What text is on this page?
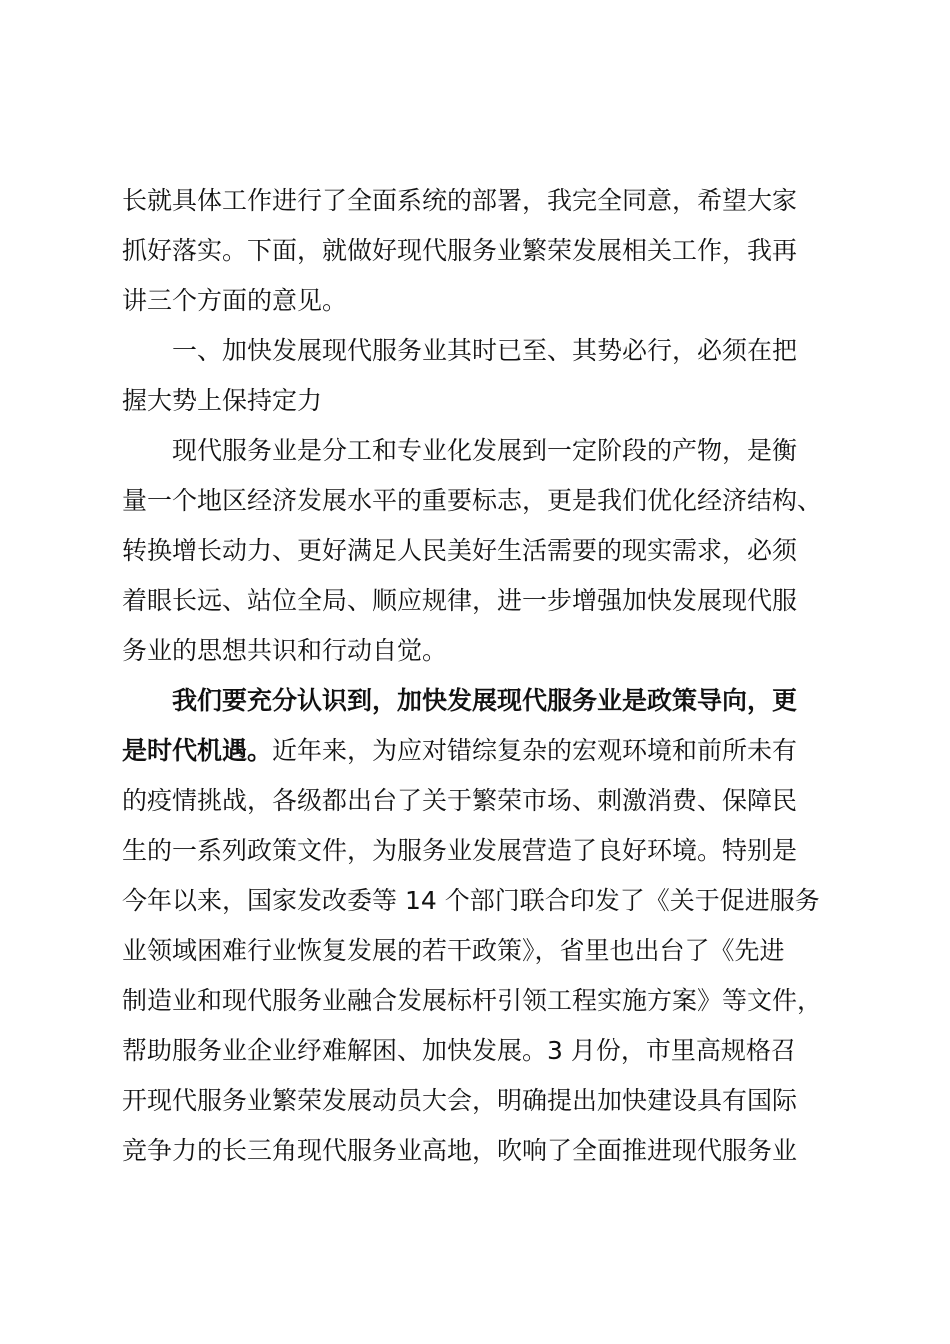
长就具体工作进行了全面系统的部署，我完全同意，希望大家
抓好落实。下面，就做好现代服务业繁荣发展相关工作，我再
讲三个方面的意见。
一、加快发展现代服务业其时已至、其势必行，必须在把
握大势上保持定力
现代服务业是分工和专业化发展到一定阶段的产物，是衡
量一个地区经济发展水平的重要标志，更是我们优化经济结构、
转换增长动力、更好满足人民美好生活需要的现实需求，必须
着眼长远、站位全局、顺应规律，进一步增强加快发展现代服
务业的思想共识和行动自觉。
我们要充分认识到，加快发展现代服务业是政策导向，更
是时代机遇。近年来，为应对错综复杂的宏观环境和前所未有
的疫情挑战，各级都出台了关于繁荣市场、刺激消费、保障民
生的一系列政策文件，为服务业发展营造了良好环境。特别是
今年以来，国家发改委等 14 个部门联合印发了《关于促进服务
业领域困难行业恢复发展的若干政策》，省里也出台了《先进
制造业和现代服务业融合发展标杆引领工程实施方案》等文件，
帮助服务业企业纾难解困、加快发展。3 月份，市里高规格召
开现代服务业繁荣发展动员大会，明确提出加快建设具有国际
竞争力的长三角现代服务业高地，吹响了全面推进现代服务业
